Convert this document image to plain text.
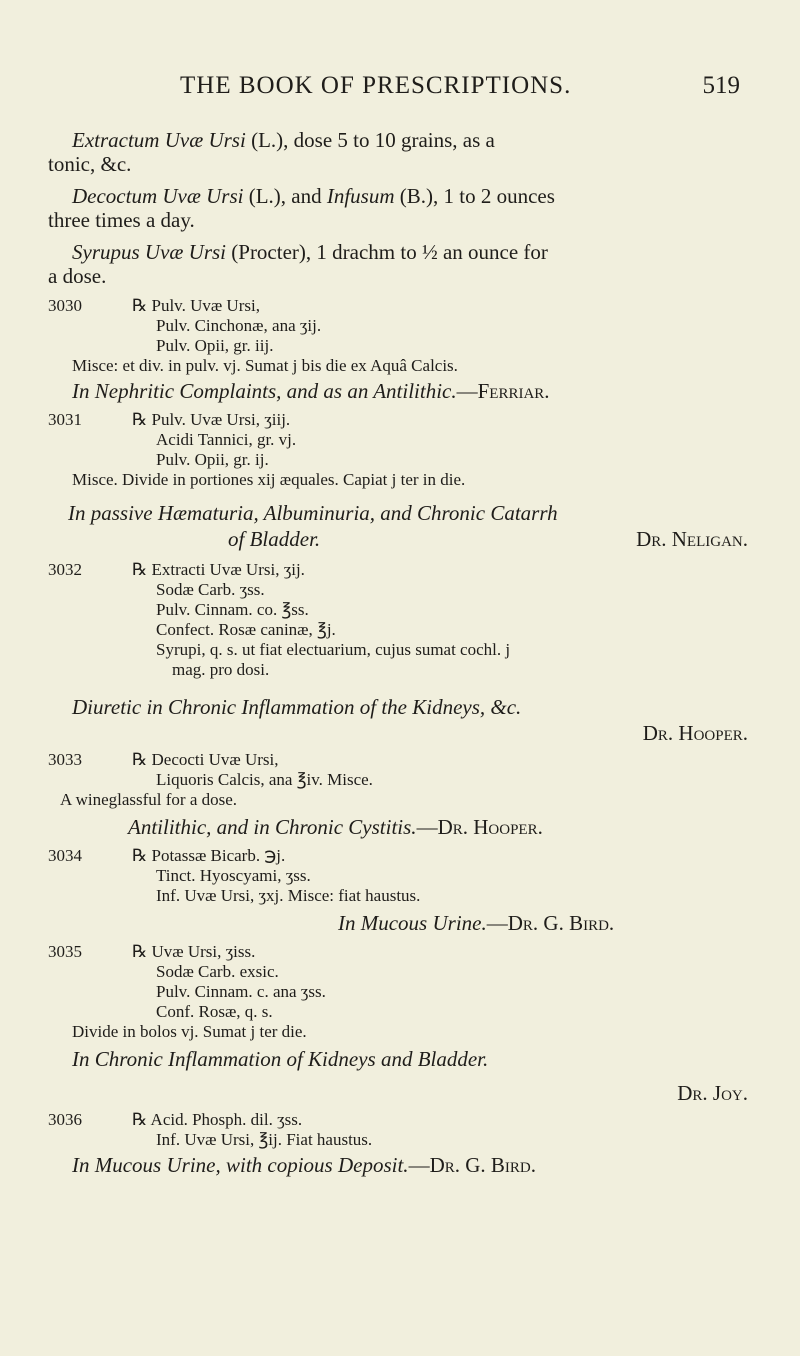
THE BOOK OF PRESCRIPTIONS.	519
Extractum Uvæ Ursi (L.), dose 5 to 10 grains, as a
tonic, &c.
Decoctum Uvæ Ursi (L.), and Infusum (B.), 1 to 2 ounces
three times a day.
Syrupus Uvæ Ursi (Procter), 1 drachm to ½ an ounce for
a dose.
3030	℞ Pulv. Uvæ Ursi,
Pulv. Cinchonæ, ana ʒij.
Pulv. Opii, gr. iij.
Misce: et div. in pulv. vj. Sumat j bis die ex Aquâ Calcis.
In Nephritic Complaints, and as an Antilithic.—Ferriar.
3031	℞ Pulv. Uvæ Ursi, ʒiij.
Acidi Tannici, gr. vj.
Pulv. Opii, gr. ij.
Misce. Divide in portiones xij æquales. Capiat j ter in die.
In passive Hæmaturia, Albuminuria, and Chronic Catarrh
of Bladder.	Dr. Neligan.
3032	℞ Extracti Uvæ Ursi, ʒij.
Sodæ Carb. ʒss.
Pulv. Cinnam. co. ℥ss.
Confect. Rosæ caninæ, ℥j.
Syrupi, q. s. ut fiat electuarium, cujus sumat cochl. j
mag. pro dosi.
Diuretic in Chronic Inflammation of the Kidneys, &c.
Dr. Hooper.
3033	℞ Decocti Uvæ Ursi,
Liquoris Calcis, ana ℥iv. Misce.
A wineglassful for a dose.
Antilithic, and in Chronic Cystitis.—Dr. Hooper.
3034	℞ Potassæ Bicarb. ℈j.
Tinct. Hyoscyami, ʒss.
Inf. Uvæ Ursi, ʒxj. Misce: fiat haustus.
In Mucous Urine.—Dr. G. Bird.
3035	℞ Uvæ Ursi, ʒiss.
Sodæ Carb. exsic.
Pulv. Cinnam. c. ana ʒss.
Conf. Rosæ, q. s.
Divide in bolos vj. Sumat j ter die.
In Chronic Inflammation of Kidneys and Bladder.
Dr. Joy.
3036	℞ Acid. Phosph. dil. ʒss.
Inf. Uvæ Ursi, ℥ij. Fiat haustus.
In Mucous Urine, with copious Deposit.—Dr. G. Bird.
